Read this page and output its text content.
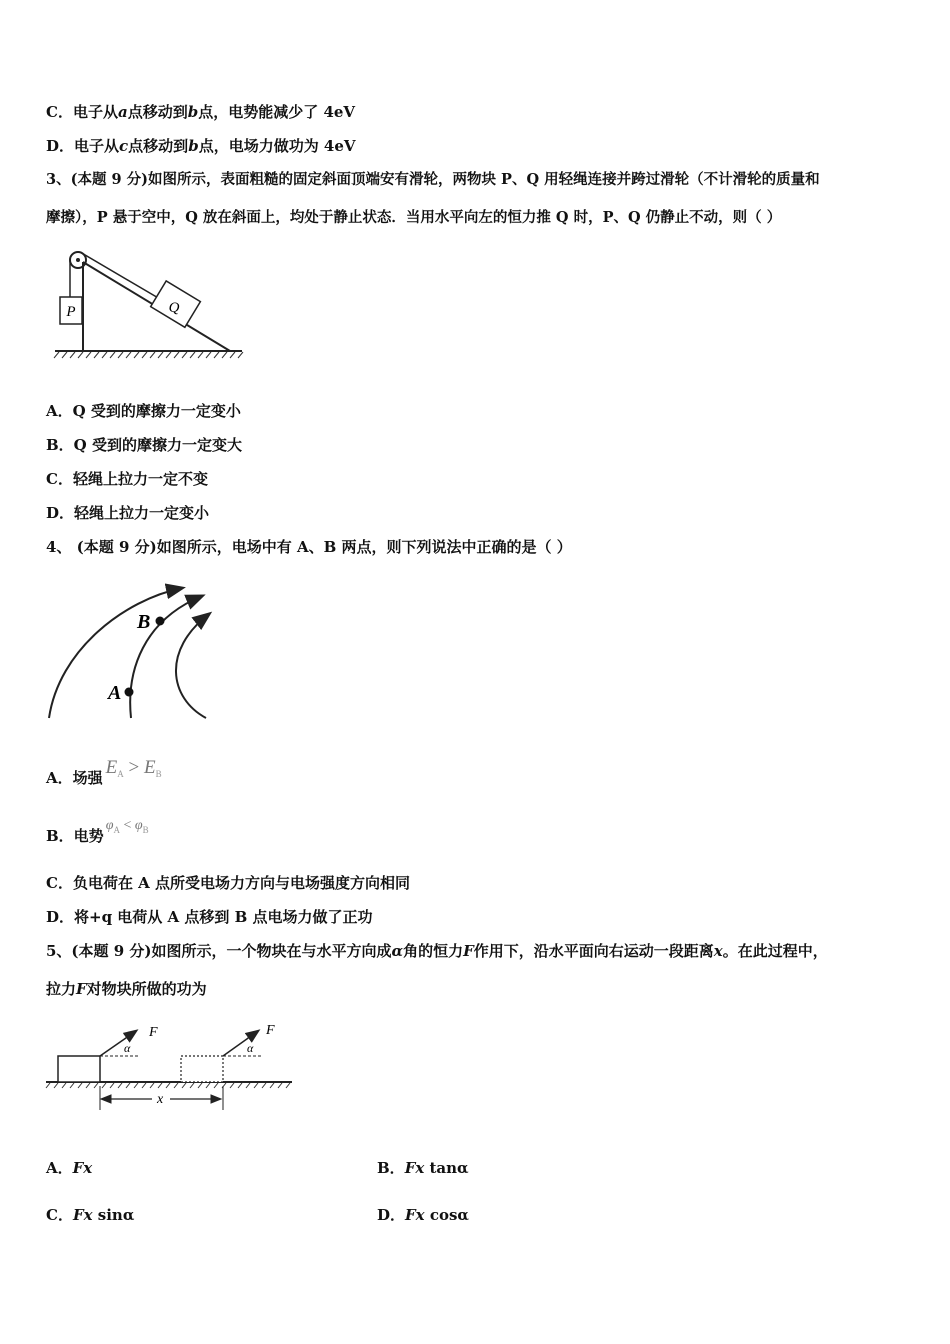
C．电子从a点移动到b点，电势能减少了 4eV
D．电子从c点移动到b点，电场力做功为 4eV
3、(本题 9 分)如图所示，表面粗糙的固定斜面顶端安有滑轮，两物块 P、Q 用轻绳连接并跨过滑轮（不计滑轮的质量和
摩擦），P 悬于空中，Q 放在斜面上，均处于静止状态．当用水平向左的恒力推 Q 时，P、Q 仍静止不动，则（ ）
P	Q
A．Q 受到的摩擦力一定变小
B．Q 受到的摩擦力一定变大
C．轻绳上拉力一定不变
D．轻绳上拉力一定变小
4、 (本题 9 分)如图所示，电场中有 A、B 两点，则下列说法中正确的是（ ）
A
B
A．场强 $E_A > E_B$
B．电势$\varphi_A < \varphi_B$
C．负电荷在 A 点所受电场力方向与电场强度方向相同
D．将+q 电荷从 A 点移到 B 点电场力做了正功
5、(本题 9 分)如图所示，一个物块在与水平方向成α角的恒力F作用下，沿水平面向右运动一段距离x。在此过程中，
拉力F对物块所做的功为
α
F
α
F
x
A．Fx	B．Fx tanα
C．Fx sinα	D．Fx cosα
